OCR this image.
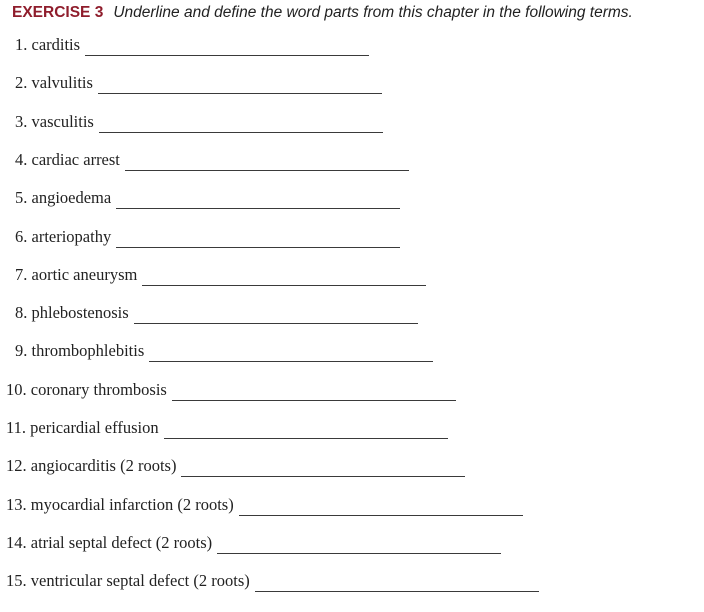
EXERCISE 3 Underline and define the word parts from this chapter in the following terms.
1. carditis
2. valvulitis
3. vasculitis
4. cardiac arrest
5. angioedema
6. arteriopathy
7. aortic aneurysm
8. phlebostenosis
9. thrombophlebitis
10. coronary thrombosis
11. pericardial effusion
12. angiocarditis (2 roots)
13. myocardial infarction (2 roots)
14. atrial septal defect (2 roots)
15. ventricular septal defect (2 roots)
